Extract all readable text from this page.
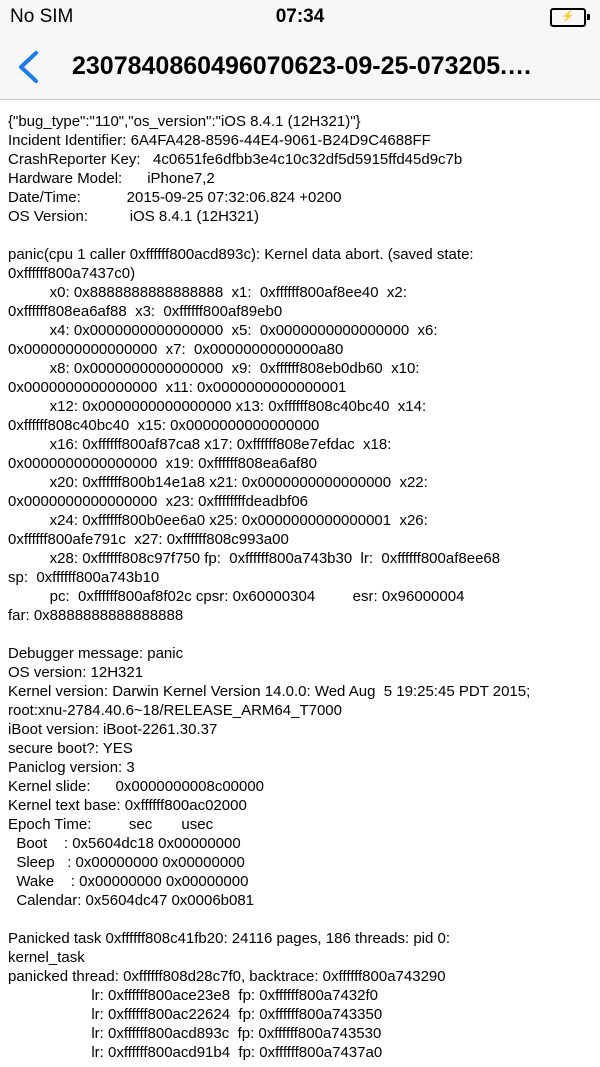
No SIM	07:34	⚡
2307840860496070623-09-25-073205.…
{"bug_type":"110","os_version":"iOS 8.4.1 (12H321)"}
Incident Identifier: 6A4FA428-8596-44E4-9061-B24D9C4688FF
CrashReporter Key:   4c0651fe6dfbb3e4c10c32df5d5915ffd45d9c7b
Hardware Model:      iPhone7,2
Date/Time:           2015-09-25 07:32:06.824 +0200
OS Version:          iOS 8.4.1 (12H321)

panic(cpu 1 caller 0xffffff800acd893c): Kernel data abort. (saved state:
0xffffff800a7437c0)
x0: 0x8888888888888888  x1:  0xffffff800af8ee40  x2:
0xffffff808ea6af88  x3:  0xffffff800af89eb0
x4: 0x0000000000000000  x5:  0x0000000000000000  x6:
0x0000000000000000  x7:  0x0000000000000a80
x8: 0x0000000000000000  x9:  0xffffff808eb0db60  x10:
0x0000000000000000  x11: 0x0000000000000001
x12: 0x0000000000000000 x13: 0xffffff808c40bc40  x14:
0xffffff808c40bc40  x15: 0x0000000000000000
x16: 0xffffff800af87ca8 x17: 0xffffff808e7efdac  x18:
0x0000000000000000  x19: 0xffffff808ea6af80
x20: 0xffffff800b14e1a8 x21: 0x0000000000000000  x22:
0x0000000000000000  x23: 0xffffffffdeadbf06
x24: 0xffffff800b0ee6a0 x25: 0x0000000000000001  x26:
0xffffff800afe791c  x27: 0xffffff808c993a00
x28: 0xffffff808c97f750 fp:  0xffffff800a743b30  lr:  0xffffff800af8ee68
sp:  0xffffff800a743b10
pc:  0xffffff800af8f02c cpsr: 0x60000304         esr: 0x96000004
far: 0x8888888888888888

Debugger message: panic
OS version: 12H321
Kernel version: Darwin Kernel Version 14.0.0: Wed Aug  5 19:25:45 PDT 2015;
root:xnu-2784.40.6~18/RELEASE_ARM64_T7000
iBoot version: iBoot-2261.30.37
secure boot?: YES
Paniclog version: 3
Kernel slide:      0x0000000008c00000
Kernel text base: 0xffffff800ac02000
Epoch Time:         sec       usec
Boot    : 0x5604dc18 0x00000000
Sleep   : 0x00000000 0x00000000
Wake    : 0x00000000 0x00000000
Calendar: 0x5604dc47 0x0006b081

Panicked task 0xffffff808c41fb20: 24116 pages, 186 threads: pid 0:
kernel_task
panicked thread: 0xffffff808d28c7f0, backtrace: 0xffffff800a743290
lr: 0xffffff800ace23e8  fp: 0xffffff800a7432f0
lr: 0xffffff800ac22624  fp: 0xffffff800a743350
lr: 0xffffff800acd893c  fp: 0xffffff800a743530
lr: 0xffffff800acd91b4  fp: 0xffffff800a7437a0
